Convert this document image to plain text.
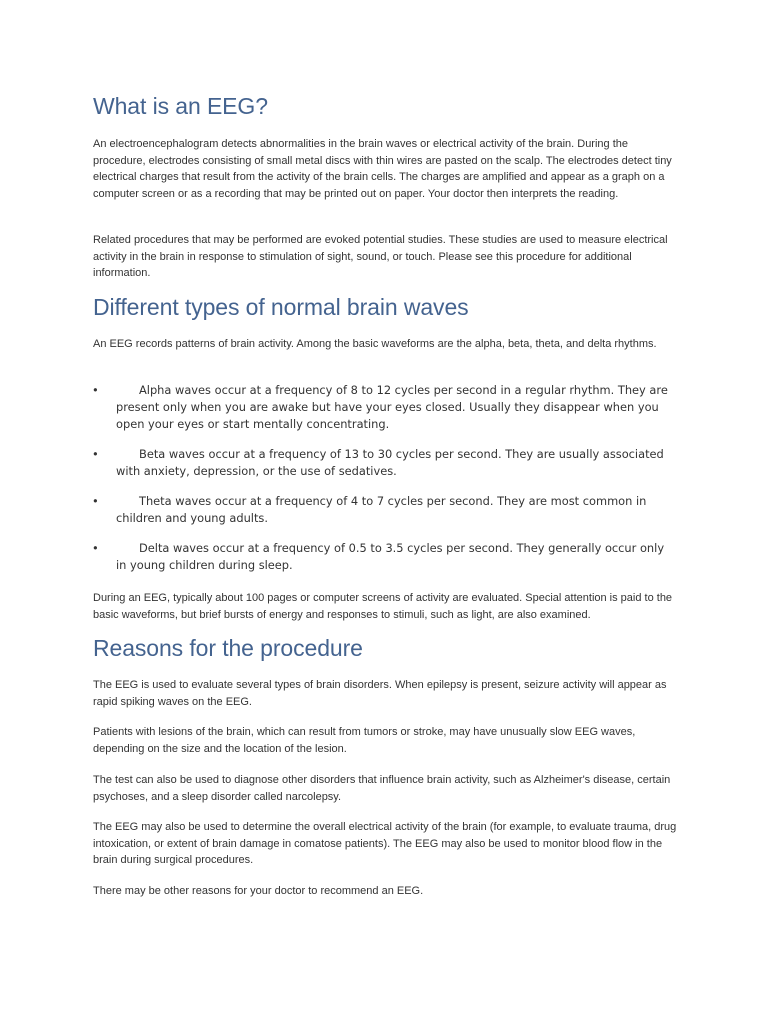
What is an EEG?

An electroencephalogram detects abnormalities in the brain waves or electrical activity of the brain. During the procedure, electrodes consisting of small metal discs with thin wires are pasted on the scalp. The electrodes detect tiny electrical charges that result from the activity of the brain cells. The charges are amplified and appear as a graph on a computer screen or as a recording that may be printed out on paper. Your doctor then interprets the reading.

Related procedures that may be performed are evoked potential studies. These studies are used to measure electrical activity in the brain in response to stimulation of sight, sound, or touch. Please see this procedure for additional information.

Different types of normal brain waves

An EEG records patterns of brain activity. Among the basic waveforms are the alpha, beta, theta, and delta rhythms.

•	Alpha waves occur at a frequency of 8 to 12 cycles per second in a regular rhythm. They are present only when you are awake but have your eyes closed. Usually they disappear when you open your eyes or start mentally concentrating.
•	Beta waves occur at a frequency of 13 to 30 cycles per second. They are usually associated with anxiety, depression, or the use of sedatives.
•	Theta waves occur at a frequency of 4 to 7 cycles per second. They are most common in children and young adults.
•	Delta waves occur at a frequency of 0.5 to 3.5 cycles per second. They generally occur only in young children during sleep.

During an EEG, typically about 100 pages or computer screens of activity are evaluated. Special attention is paid to the basic waveforms, but brief bursts of energy and responses to stimuli, such as light, are also examined.

Reasons for the procedure

The EEG is used to evaluate several types of brain disorders. When epilepsy is present, seizure activity will appear as rapid spiking waves on the EEG.

Patients with lesions of the brain, which can result from tumors or stroke, may have unusually slow EEG waves, depending on the size and the location of the lesion.

The test can also be used to diagnose other disorders that influence brain activity, such as Alzheimer's disease, certain psychoses, and a sleep disorder called narcolepsy.

The EEG may also be used to determine the overall electrical activity of the brain (for example, to evaluate trauma, drug intoxication, or extent of brain damage in comatose patients). The EEG may also be used to monitor blood flow in the brain during surgical procedures.

There may be other reasons for your doctor to recommend an EEG.
